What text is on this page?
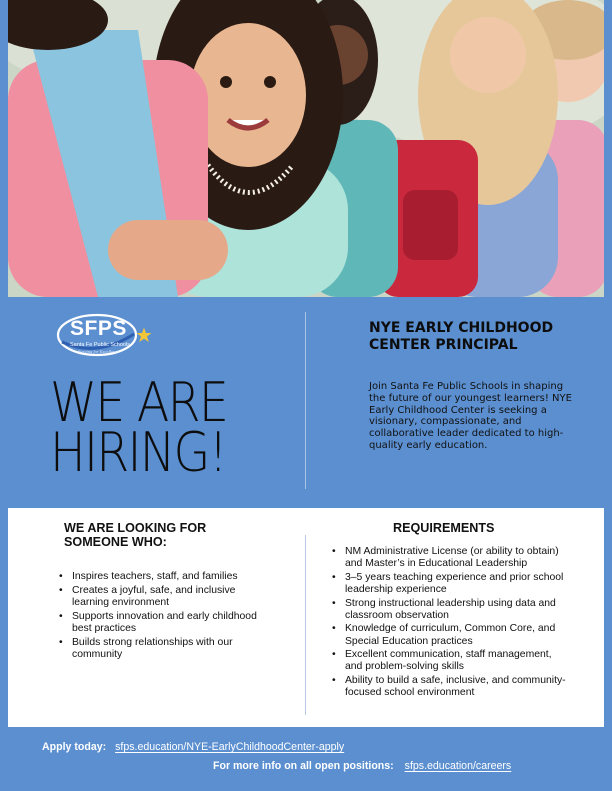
SFPS
Santa Fe Public Schools
Striving for Excellence
WE ARE
HIRING!
NYE EARLY CHILDHOOD CENTER PRINCIPAL

Join Santa Fe Public Schools in shaping the future of our youngest learners! NYE Early Childhood Center is seeking a visionary, compassionate, and collaborative leader dedicated to high-quality early education.

WE ARE LOOKING FOR SOMEONE WHO:
• Inspires teachers, staff, and families
• Creates a joyful, safe, and inclusive learning environment
• Supports innovation and early childhood best practices
• Builds strong relationships with our community
REQUIREMENTS
• NM Administrative License (or ability to obtain) and Master’s in Educational Leadership
• 3–5 years teaching experience and prior school leadership experience
• Strong instructional leadership using data and classroom observation
• Knowledge of curriculum, Common Core, and Special Education practices
• Excellent communication, staff management, and problem-solving skills
• Ability to build a safe, inclusive, and community-focused school environment
Apply today: sfps.education/NYE-EarlyChildhoodCenter-apply
For more info on all open positions: sfps.education/careers
